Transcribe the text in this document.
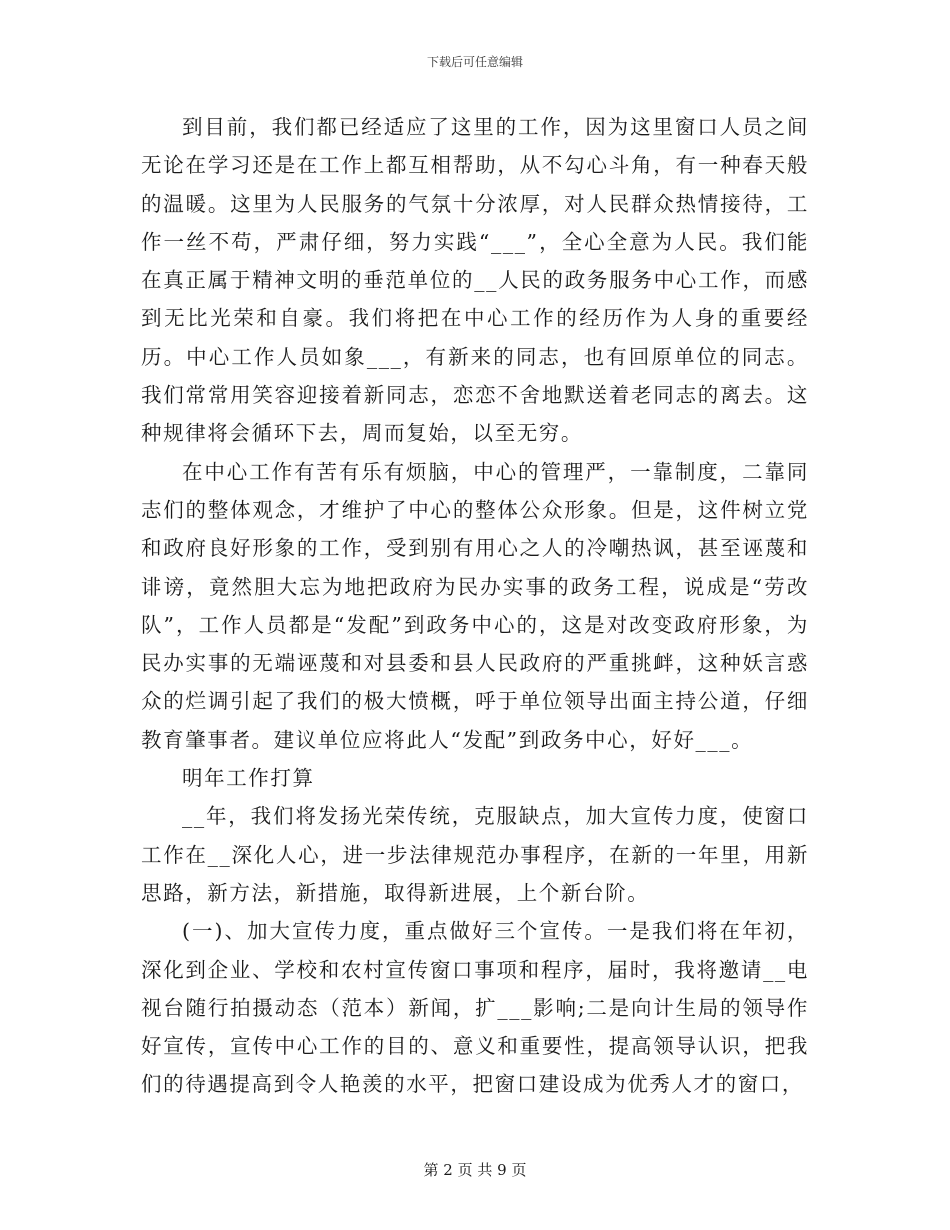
下载后可任意编辑

到目前，我们都已经适应了这里的工作，因为这里窗口人员之间无论在学习还是在工作上都互相帮助，从不勾心斗角，有一种春天般的温暖。这里为人民服务的气氛十分浓厚，对人民群众热情接待，工作一丝不苟，严肃仔细，努力实践“___”，全心全意为人民。我们能在真正属于精神文明的垂范单位的__人民的政务服务中心工作，而感到无比光荣和自豪。我们将把在中心工作的经历作为人身的重要经历。中心工作人员如象___，有新来的同志，也有回原单位的同志。我们常常用笑容迎接着新同志，恋恋不舍地默送着老同志的离去。这种规律将会循环下去，周而复始，以至无穷。

在中心工作有苦有乐有烦脑，中心的管理严，一靠制度，二靠同志们的整体观念，才维护了中心的整体公众形象。但是，这件树立党和政府良好形象的工作，受到别有用心之人的冷嘲热讽，甚至诬蔑和诽谤，竟然胆大忘为地把政府为民办实事的政务工程，说成是“劳改队”，工作人员都是“发配”到政务中心的，这是对改变政府形象，为民办实事的无端诬蔑和对县委和县人民政府的严重挑衅，这种妖言惑众的烂调引起了我们的极大愤概，呼于单位领导出面主持公道，仔细教育肇事者。建议单位应将此人“发配”到政务中心，好好___。

明年工作打算

__年，我们将发扬光荣传统，克服缺点，加大宣传力度，使窗口工作在__深化人心，进一步法律规范办事程序，在新的一年里，用新思路，新方法，新措施，取得新进展，上个新台阶。

(一)、加大宣传力度，重点做好三个宣传。一是我们将在年初，深化到企业、学校和农村宣传窗口事项和程序，届时，我将邀请__电视台随行拍摄动态（范本）新闻，扩___影响;二是向计生局的领导作好宣传，宣传中心工作的目的、意义和重要性，提高领导认识，把我们的待遇提高到令人艳羡的水平，把窗口建设成为优秀人才的窗口，

第 2 页 共 9 页
